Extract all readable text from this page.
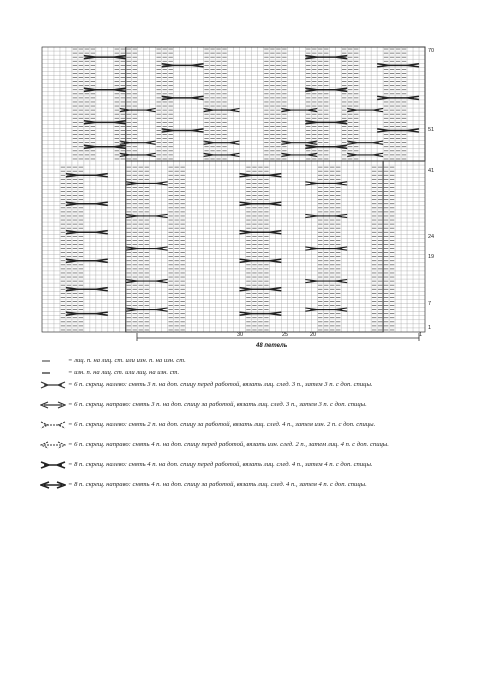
70
51
41
24
19
7
1
30	25	20	1
48 петель
= лиц. п. на лиц. ст. или изн. п. на изн. ст.
= изн. п. на лиц. ст. или лиц. на изн. ст.
= 6 п. скрещ. налево: снять 3 п. на доп. спицу перед работой, вязать лиц. след. 3 п., затем 3 п. с доп. спицы.
= 6 п. скрещ. направо: снять 3 п. на доп. спицу за работой, вязать лиц. след. 3 п., затем 3 п. с доп. спицы.
= 6 п. скрещ. налево: снять 2 п. на доп. спицу за работой, вязать лиц. след. 4 п., затем изн. 2 п. с доп. спицы.
= 6 п. скрещ. направо: снять 4 п. на доп. спицу перед работой, вязать изн. след. 2 п., затем лиц. 4 п. с доп. спицы.
= 8 п. скрещ. налево: снять 4 п. на доп. спицу перед работой, вязать лиц. след. 4 п., затем 4 п. с доп. спицы.
= 8 п. скрещ. направо: снять 4 п. на доп. спицу за работой, вязать лиц. след. 4 п., затем 4 п. с доп. спицы.
